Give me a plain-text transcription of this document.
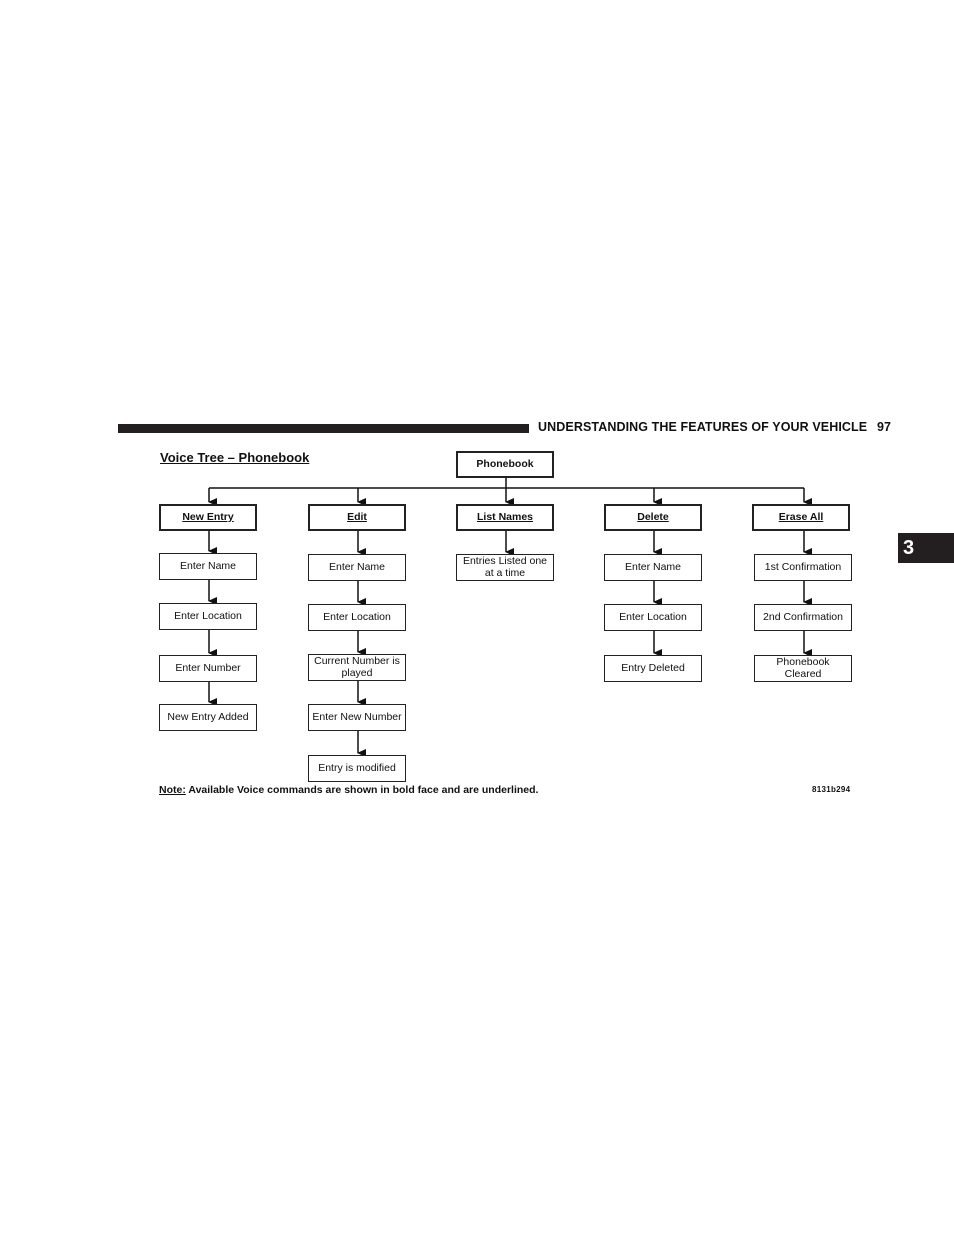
UNDERSTANDING THE FEATURES OF YOUR VEHICLE 97
3
Voice Tree – Phonebook	Phonebook
New Entry
Enter Name
Enter Location
Enter Number
New Entry Added
Edit
Enter Name
Enter Location
Current Number is played
Enter New Number
Entry is modified
List Names
Entries Listed one at a time
Delete
Enter Name
Enter Location
Entry Deleted
Erase All
1st Confirmation
2nd Confirmation
Phonebook Cleared
Note: Available Voice commands are shown in bold face and are underlined.	8131b294
